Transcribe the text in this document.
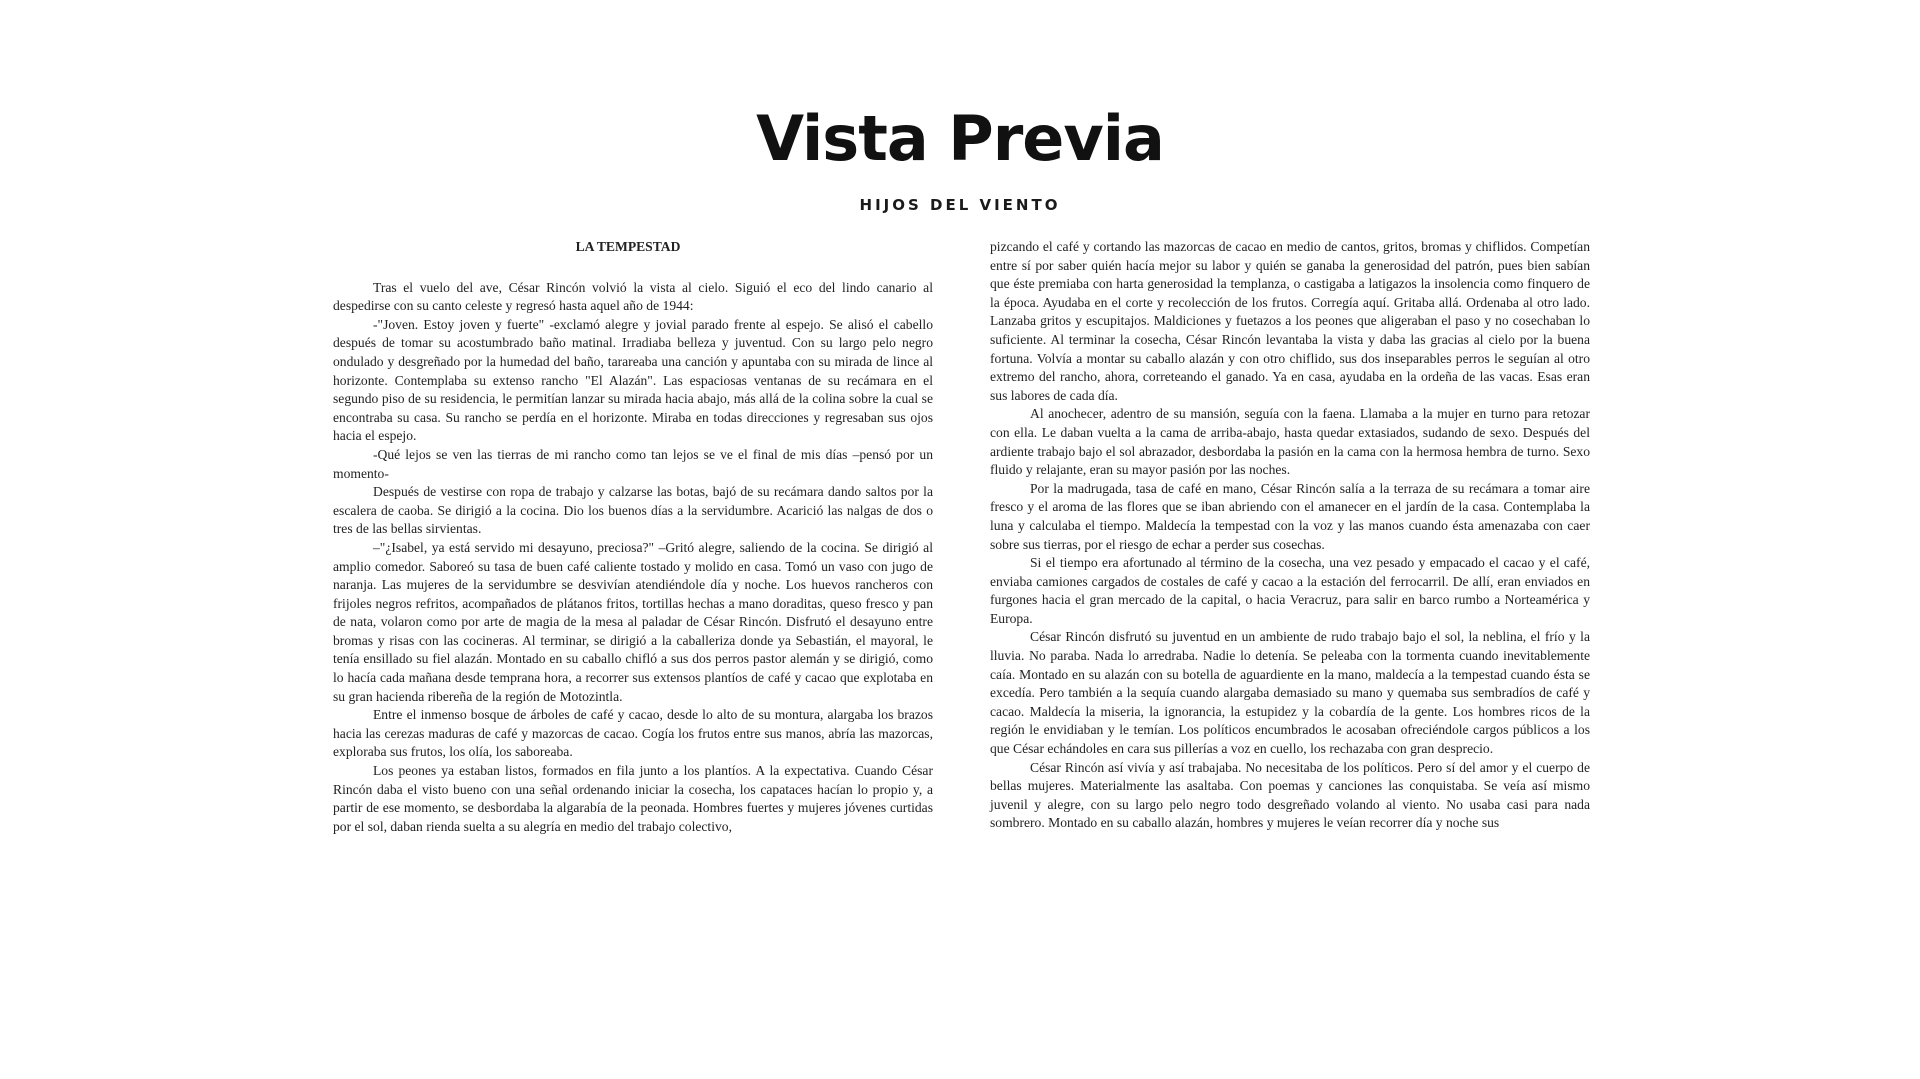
Vista Previa
HIJOS DEL VIENTO
LA TEMPESTAD

Tras el vuelo del ave, César Rincón volvió la vista al cielo. Siguió el eco del lindo canario al despedirse con su canto celeste y regresó hasta aquel año de 1944:

-"Joven. Estoy joven y fuerte" -exclamó alegre y jovial parado frente al espejo. Se alisó el cabello después de tomar su acostumbrado baño matinal. Irradiaba belleza y juventud. Con su largo pelo negro ondulado y desgreñado por la humedad del baño, tarareaba una canción y apuntaba con su mirada de lince al horizonte. Contemplaba su extenso rancho "El Alazán". Las espaciosas ventanas de su recámara en el segundo piso de su residencia, le permitían lanzar su mirada hacia abajo, más allá de la colina sobre la cual se encontraba su casa. Su rancho se perdía en el horizonte. Miraba en todas direcciones y regresaban sus ojos hacia el espejo.

-Qué lejos se ven las tierras de mi rancho como tan lejos se ve el final de mis días –pensó por un momento-

Después de vestirse con ropa de trabajo y calzarse las botas, bajó de su recámara dando saltos por la escalera de caoba. Se dirigió a la cocina. Dio los buenos días a la servidumbre. Acarició las nalgas de dos o tres de las bellas sirvientas.

–"¿Isabel, ya está servido mi desayuno, preciosa?" –Gritó alegre, saliendo de la cocina. Se dirigió al amplio comedor. Saboreó su tasa de buen café caliente tostado y molido en casa. Tomó un vaso con jugo de naranja. Las mujeres de la servidumbre se desvivían atendiéndole día y noche. Los huevos rancheros con frijoles negros refritos, acompañados de plátanos fritos, tortillas hechas a mano doraditas, queso fresco y pan de nata, volaron como por arte de magia de la mesa al paladar de César Rincón. Disfrutó el desayuno entre bromas y risas con las cocineras. Al terminar, se dirigió a la caballeriza donde ya Sebastián, el mayoral, le tenía ensillado su fiel alazán. Montado en su caballo chifló a sus dos perros pastor alemán y se dirigió, como lo hacía cada mañana desde temprana hora, a recorrer sus extensos plantíos de café y cacao que explotaba en su gran hacienda ribereña de la región de Motozintla.

Entre el inmenso bosque de árboles de café y cacao, desde lo alto de su montura, alargaba los brazos hacia las cerezas maduras de café y mazorcas de cacao. Cogía los frutos entre sus manos, abría las mazorcas, exploraba sus frutos, los olía, los saboreaba.

Los peones ya estaban listos, formados en fila junto a los plantíos. A la expectativa. Cuando César Rincón daba el visto bueno con una señal ordenando iniciar la cosecha, los capataces hacían lo propio y, a partir de ese momento, se desbordaba la algarabía de la peonada. Hombres fuertes y mujeres jóvenes curtidas por el sol, daban rienda suelta a su alegría en medio del trabajo colectivo,

pizcando el café y cortando las mazorcas de cacao en medio de cantos, gritos, bromas y chiflidos. Competían entre sí por saber quién hacía mejor su labor y quién se ganaba la generosidad del patrón, pues bien sabían que éste premiaba con harta generosidad la templanza, o castigaba a latigazos la insolencia como finquero de la época. Ayudaba en el corte y recolección de los frutos. Corregía aquí. Gritaba allá. Ordenaba al otro lado. Lanzaba gritos y escupitajos. Maldiciones y fuetazos a los peones que aligeraban el paso y no cosechaban lo suficiente. Al terminar la cosecha, César Rincón levantaba la vista y daba las gracias al cielo por la buena fortuna. Volvía a montar su caballo alazán y con otro chiflido, sus dos inseparables perros le seguían al otro extremo del rancho, ahora, correteando el ganado. Ya en casa, ayudaba en la ordeña de las vacas. Esas eran sus labores de cada día.

Al anochecer, adentro de su mansión, seguía con la faena. Llamaba a la mujer en turno para retozar con ella. Le daban vuelta a la cama de arriba-abajo, hasta quedar extasiados, sudando de sexo. Después del ardiente trabajo bajo el sol abrazador, desbordaba la pasión en la cama con la hermosa hembra de turno. Sexo fluido y relajante, eran su mayor pasión por las noches.

Por la madrugada, tasa de café en mano, César Rincón salía a la terraza de su recámara a tomar aire fresco y el aroma de las flores que se iban abriendo con el amanecer en el jardín de la casa. Contemplaba la luna y calculaba el tiempo. Maldecía la tempestad con la voz y las manos cuando ésta amenazaba con caer sobre sus tierras, por el riesgo de echar a perder sus cosechas.

Si el tiempo era afortunado al término de la cosecha, una vez pesado y empacado el cacao y el café, enviaba camiones cargados de costales de café y cacao a la estación del ferrocarril. De allí, eran enviados en furgones hacia el gran mercado de la capital, o hacia Veracruz, para salir en barco rumbo a Norteamérica y Europa.

César Rincón disfrutó su juventud en un ambiente de rudo trabajo bajo el sol, la neblina, el frío y la lluvia. No paraba. Nada lo arredraba. Nadie lo detenía. Se peleaba con la tormenta cuando inevitablemente caía. Montado en su alazán con su botella de aguardiente en la mano, maldecía a la tempestad cuando ésta se excedía. Pero también a la sequía cuando alargaba demasiado su mano y quemaba sus sembradíos de café y cacao. Maldecía la miseria, la ignorancia, la estupidez y la cobardía de la gente. Los hombres ricos de la región le envidiaban y le temían. Los políticos encumbrados le acosaban ofreciéndole cargos públicos a los que César echándoles en cara sus pillerías a voz en cuello, los rechazaba con gran desprecio.

César Rincón así vivía y así trabajaba. No necesitaba de los políticos. Pero sí del amor y el cuerpo de bellas mujeres. Materialmente las asaltaba. Con poemas y canciones las conquistaba. Se veía así mismo juvenil y alegre, con su largo pelo negro todo desgreñado volando al viento. No usaba casi para nada sombrero. Montado en su caballo alazán, hombres y mujeres le veían recorrer día y noche sus
